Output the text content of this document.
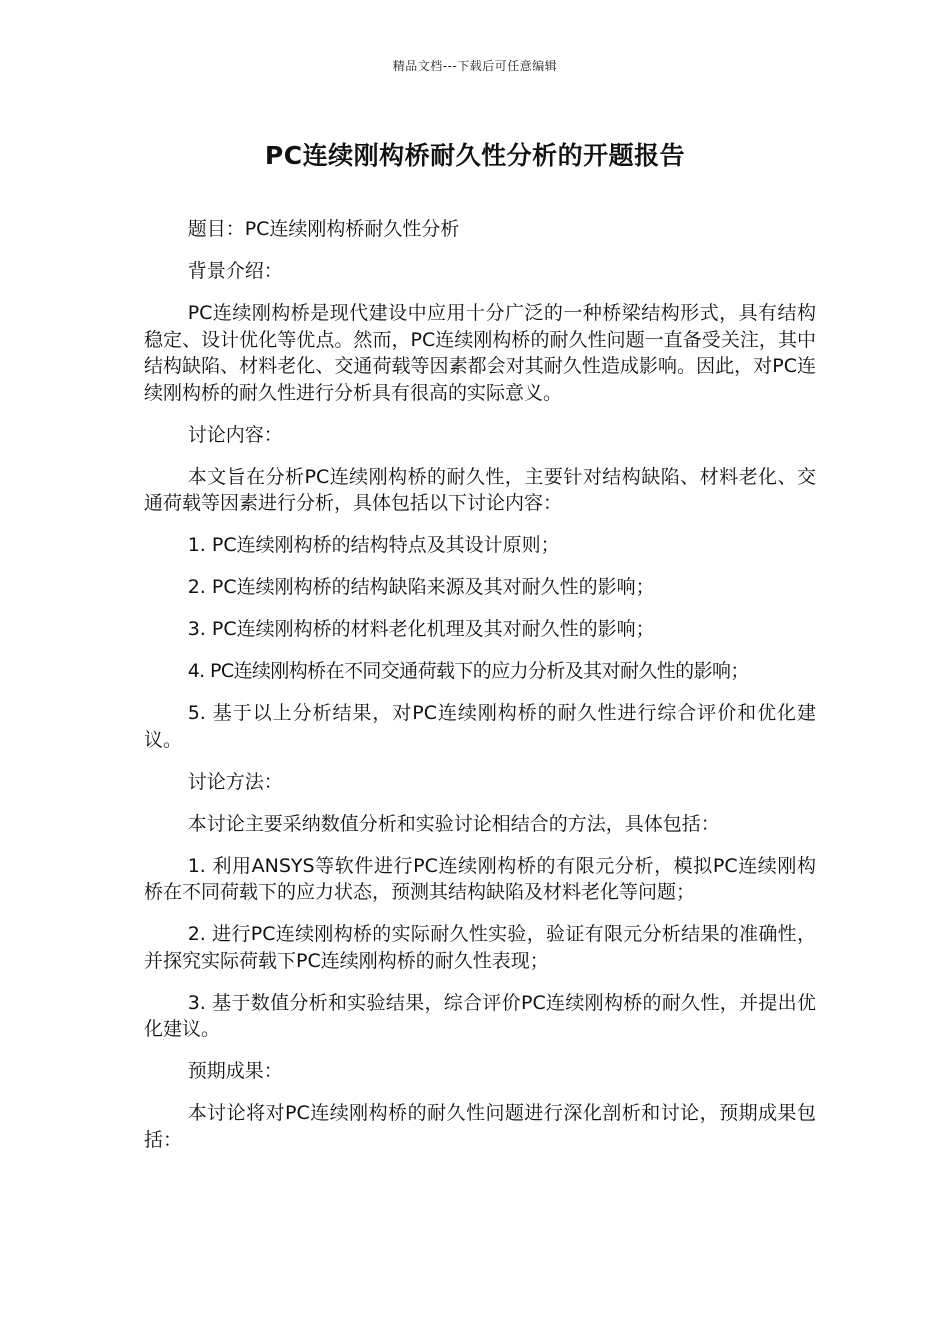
精品文档---下载后可任意编辑
PC连续刚构桥耐久性分析的开题报告

题目：PC连续刚构桥耐久性分析

背景介绍：

PC连续刚构桥是现代建设中应用十分广泛的一种桥梁结构形式，具有结构稳定、设计优化等优点。然而，PC连续刚构桥的耐久性问题一直备受关注，其中结构缺陷、材料老化、交通荷载等因素都会对其耐久性造成影响。因此，对PC连续刚构桥的耐久性进行分析具有很高的实际意义。

讨论内容：

本文旨在分析PC连续刚构桥的耐久性，主要针对结构缺陷、材料老化、交通荷载等因素进行分析，具体包括以下讨论内容：

1. PC连续刚构桥的结构特点及其设计原则；

2. PC连续刚构桥的结构缺陷来源及其对耐久性的影响；

3. PC连续刚构桥的材料老化机理及其对耐久性的影响；

4. PC连续刚构桥在不同交通荷载下的应力分析及其对耐久性的影响；

5. 基于以上分析结果，对PC连续刚构桥的耐久性进行综合评价和优化建议。

讨论方法：

本讨论主要采纳数值分析和实验讨论相结合的方法，具体包括：

1. 利用ANSYS等软件进行PC连续刚构桥的有限元分析，模拟PC连续刚构桥在不同荷载下的应力状态，预测其结构缺陷及材料老化等问题；

2. 进行PC连续刚构桥的实际耐久性实验，验证有限元分析结果的准确性，并探究实际荷载下PC连续刚构桥的耐久性表现；

3. 基于数值分析和实验结果，综合评价PC连续刚构桥的耐久性，并提出优化建议。

预期成果：

本讨论将对PC连续刚构桥的耐久性问题进行深化剖析和讨论，预期成果包括：
